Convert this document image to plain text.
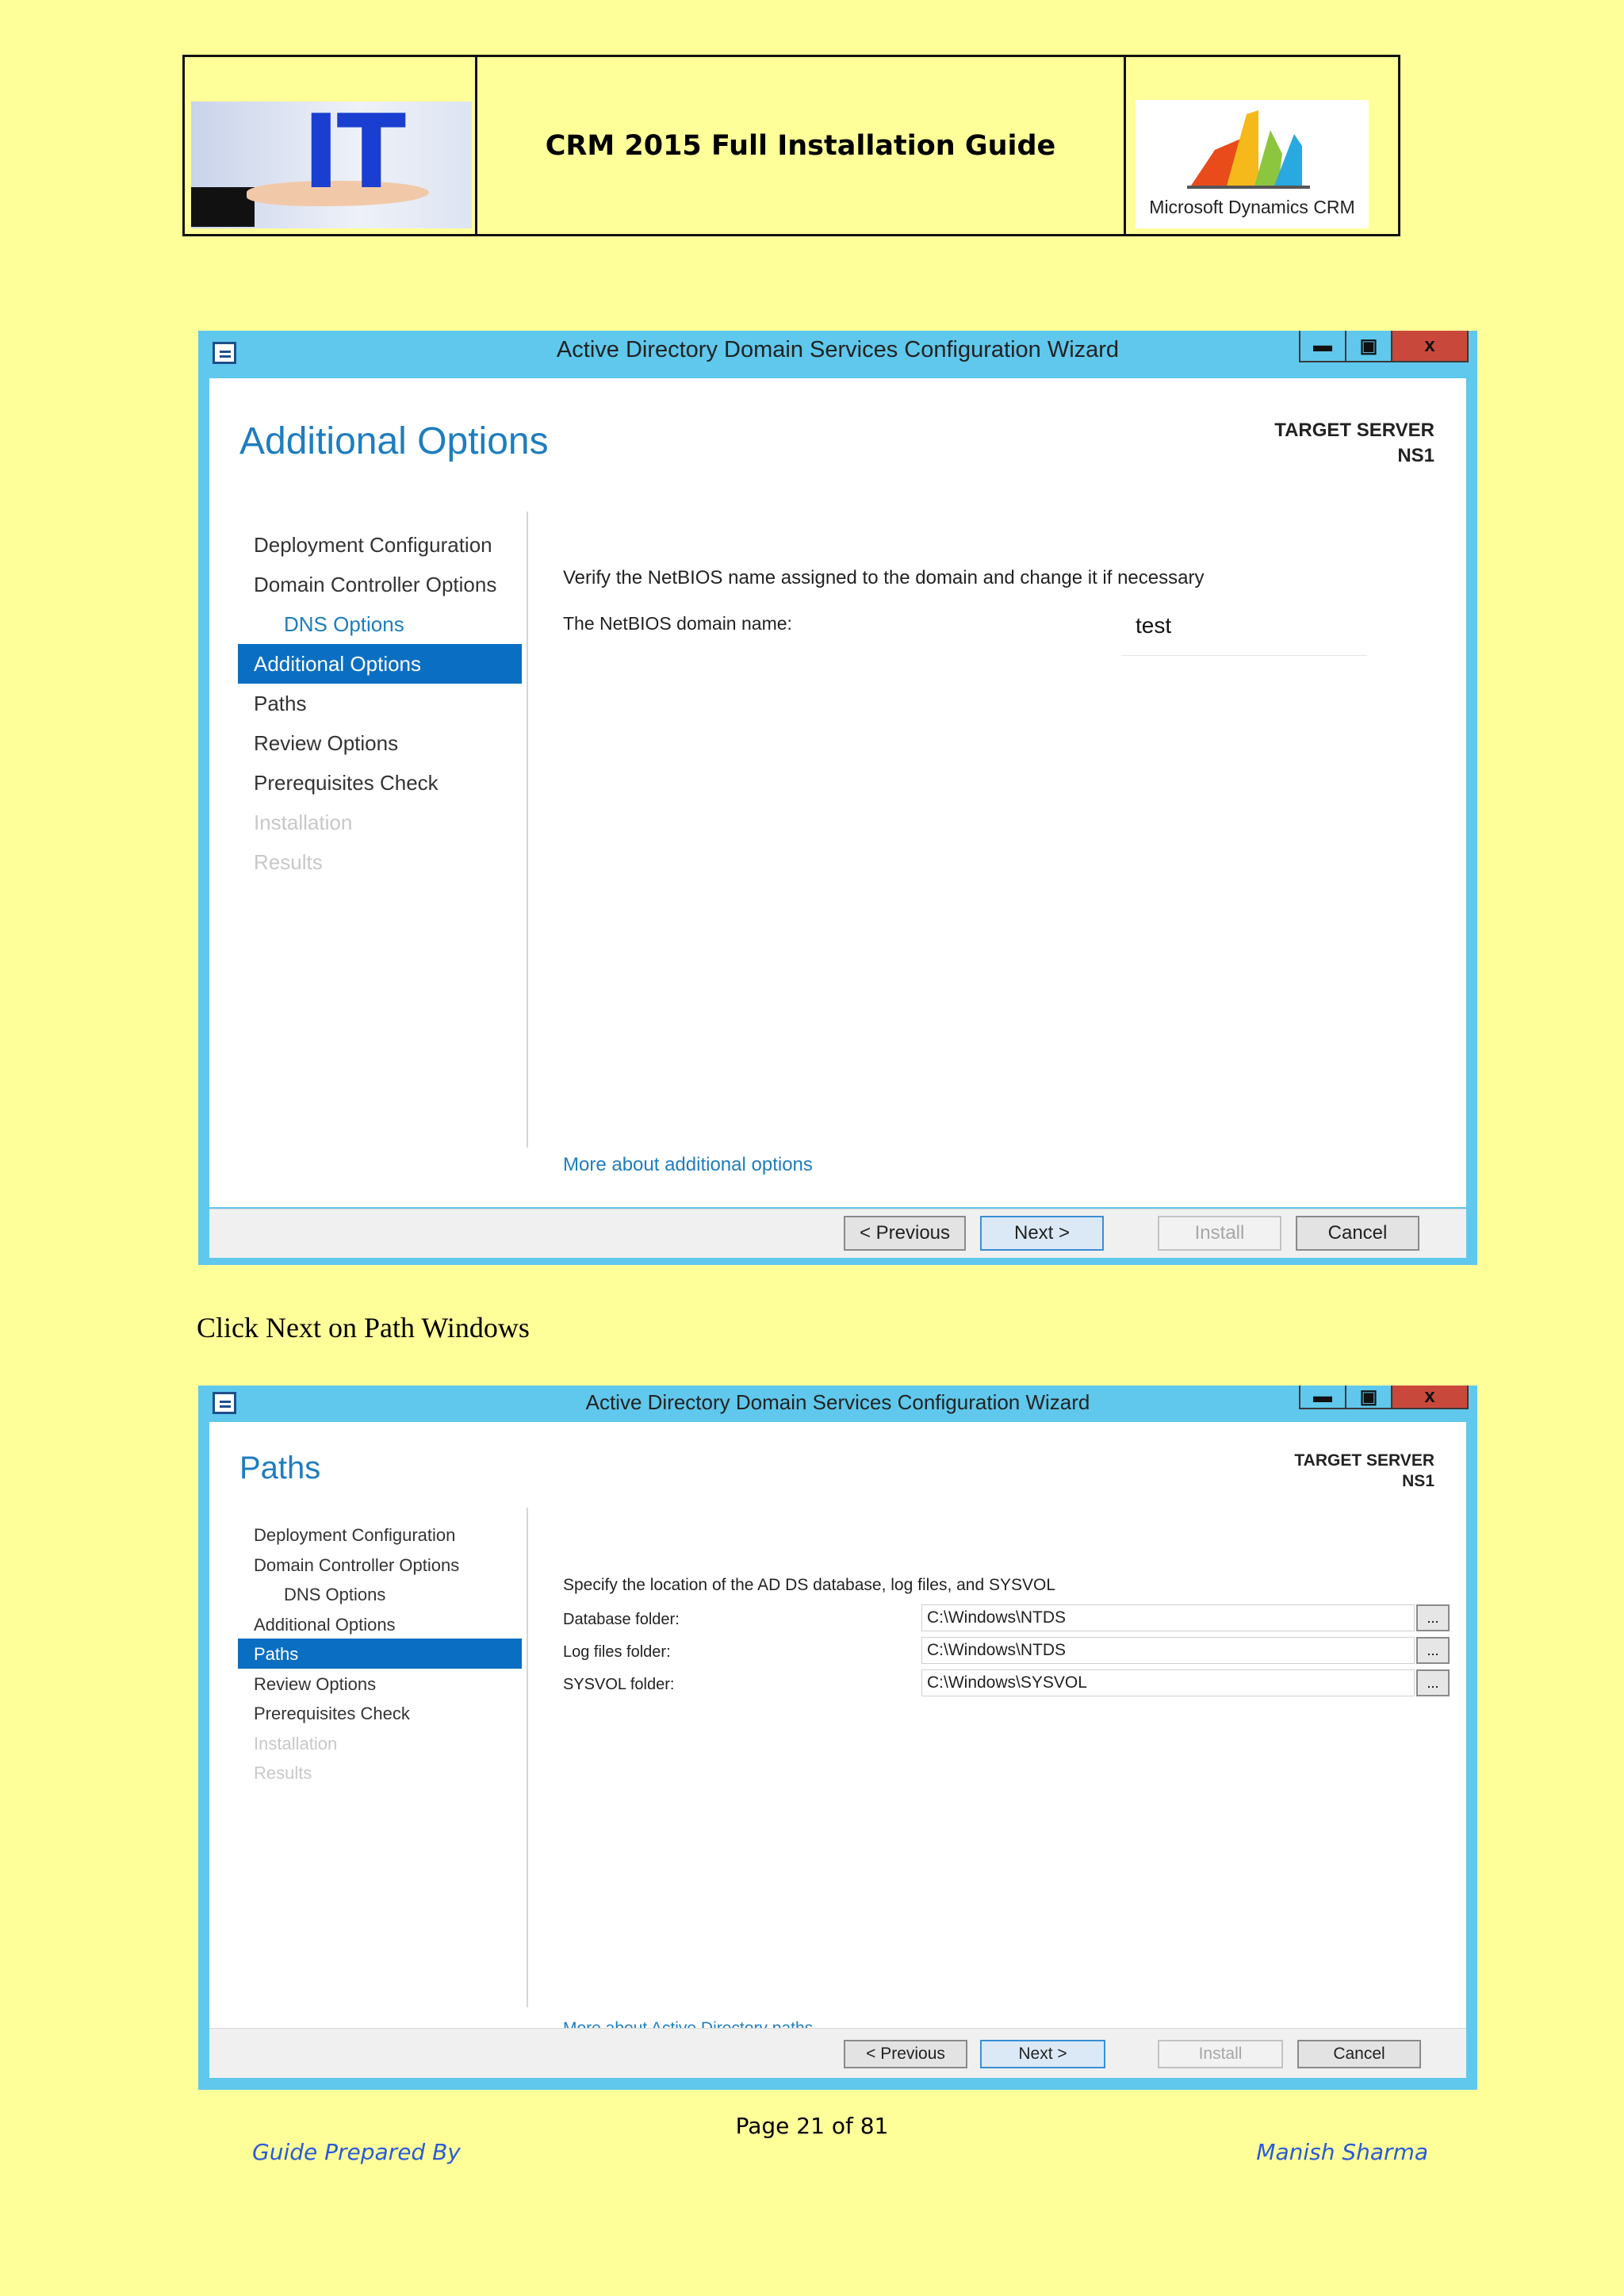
IT	CRM 2015 Full Installation Guide
Microsoft Dynamics CRM
Active Directory Domain Services Configuration Wizard	▬ ▣ x
Additional Options	TARGET SERVER
NS1
Deployment Configuration
Domain Controller Options
DNS Options
Additional Options
Paths
Review Options
Prerequisites Check
Installation
Results
Verify the NetBIOS name assigned to the domain and change it if necessary
The NetBIOS domain name:	test
More about additional options
< Previous	Next >	Install	Cancel
Click Next on Path Windows
Active Directory Domain Services Configuration Wizard	▬ ▣ x
Paths	TARGET SERVER
NS1
Deployment Configuration
Domain Controller Options
DNS Options
Additional Options
Paths
Review Options
Prerequisites Check
Installation
Results
Specify the location of the AD DS database, log files, and SYSVOL
Database folder:	C:\Windows\NTDS	...
Log files folder:	C:\Windows\NTDS	...
SYSVOL folder:	C:\Windows\SYSVOL	...
< Previous	Next >	Install	Cancel
Page 21 of 81
Guide Prepared By	Manish Sharma
